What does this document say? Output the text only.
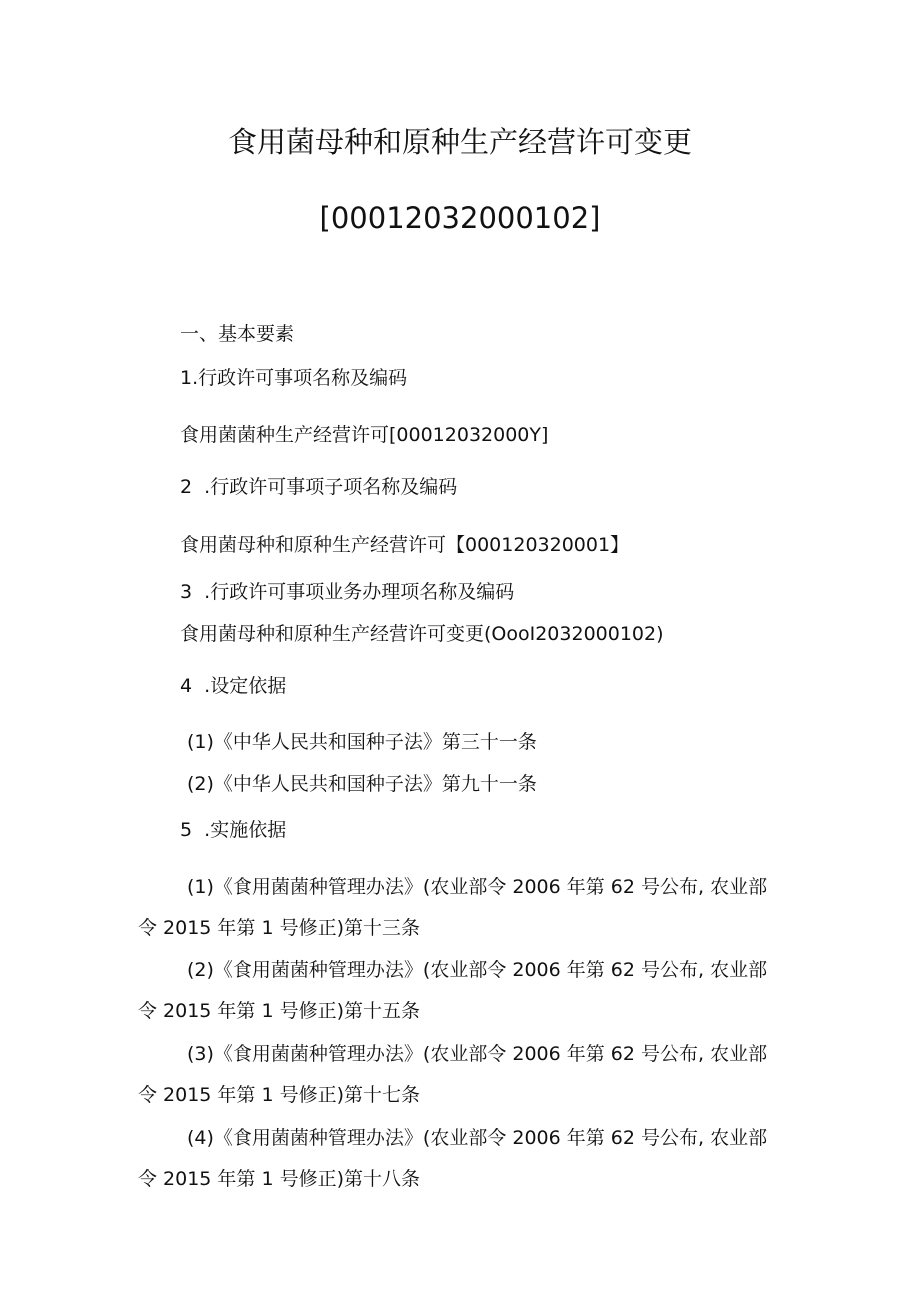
食用菌母种和原种生产经营许可变更
[00012032000102]
一、基本要素
1.行政许可事项名称及编码
食用菌菌种生产经营许可[00012032000Y]
2  .行政许可事项子项名称及编码
食用菌母种和原种生产经营许可【000120320001】
3  .行政许可事项业务办理项名称及编码
食用菌母种和原种生产经营许可变更(OooI2032000102)
4  .设定依据
(1)《中华人民共和国种子法》第三十一条
(2)《中华人民共和国种子法》第九十一条
5  .实施依据
(1)《食用菌菌种管理办法》(农业部令 2006 年第 62 号公布, 农业部
令 2015 年第 1 号修正)第十三条
(2)《食用菌菌种管理办法》(农业部令 2006 年第 62 号公布, 农业部
令 2015 年第 1 号修正)第十五条
(3)《食用菌菌种管理办法》(农业部令 2006 年第 62 号公布, 农业部
令 2015 年第 1 号修正)第十七条
(4)《食用菌菌种管理办法》(农业部令 2006 年第 62 号公布, 农业部
令 2015 年第 1 号修正)第十八条
